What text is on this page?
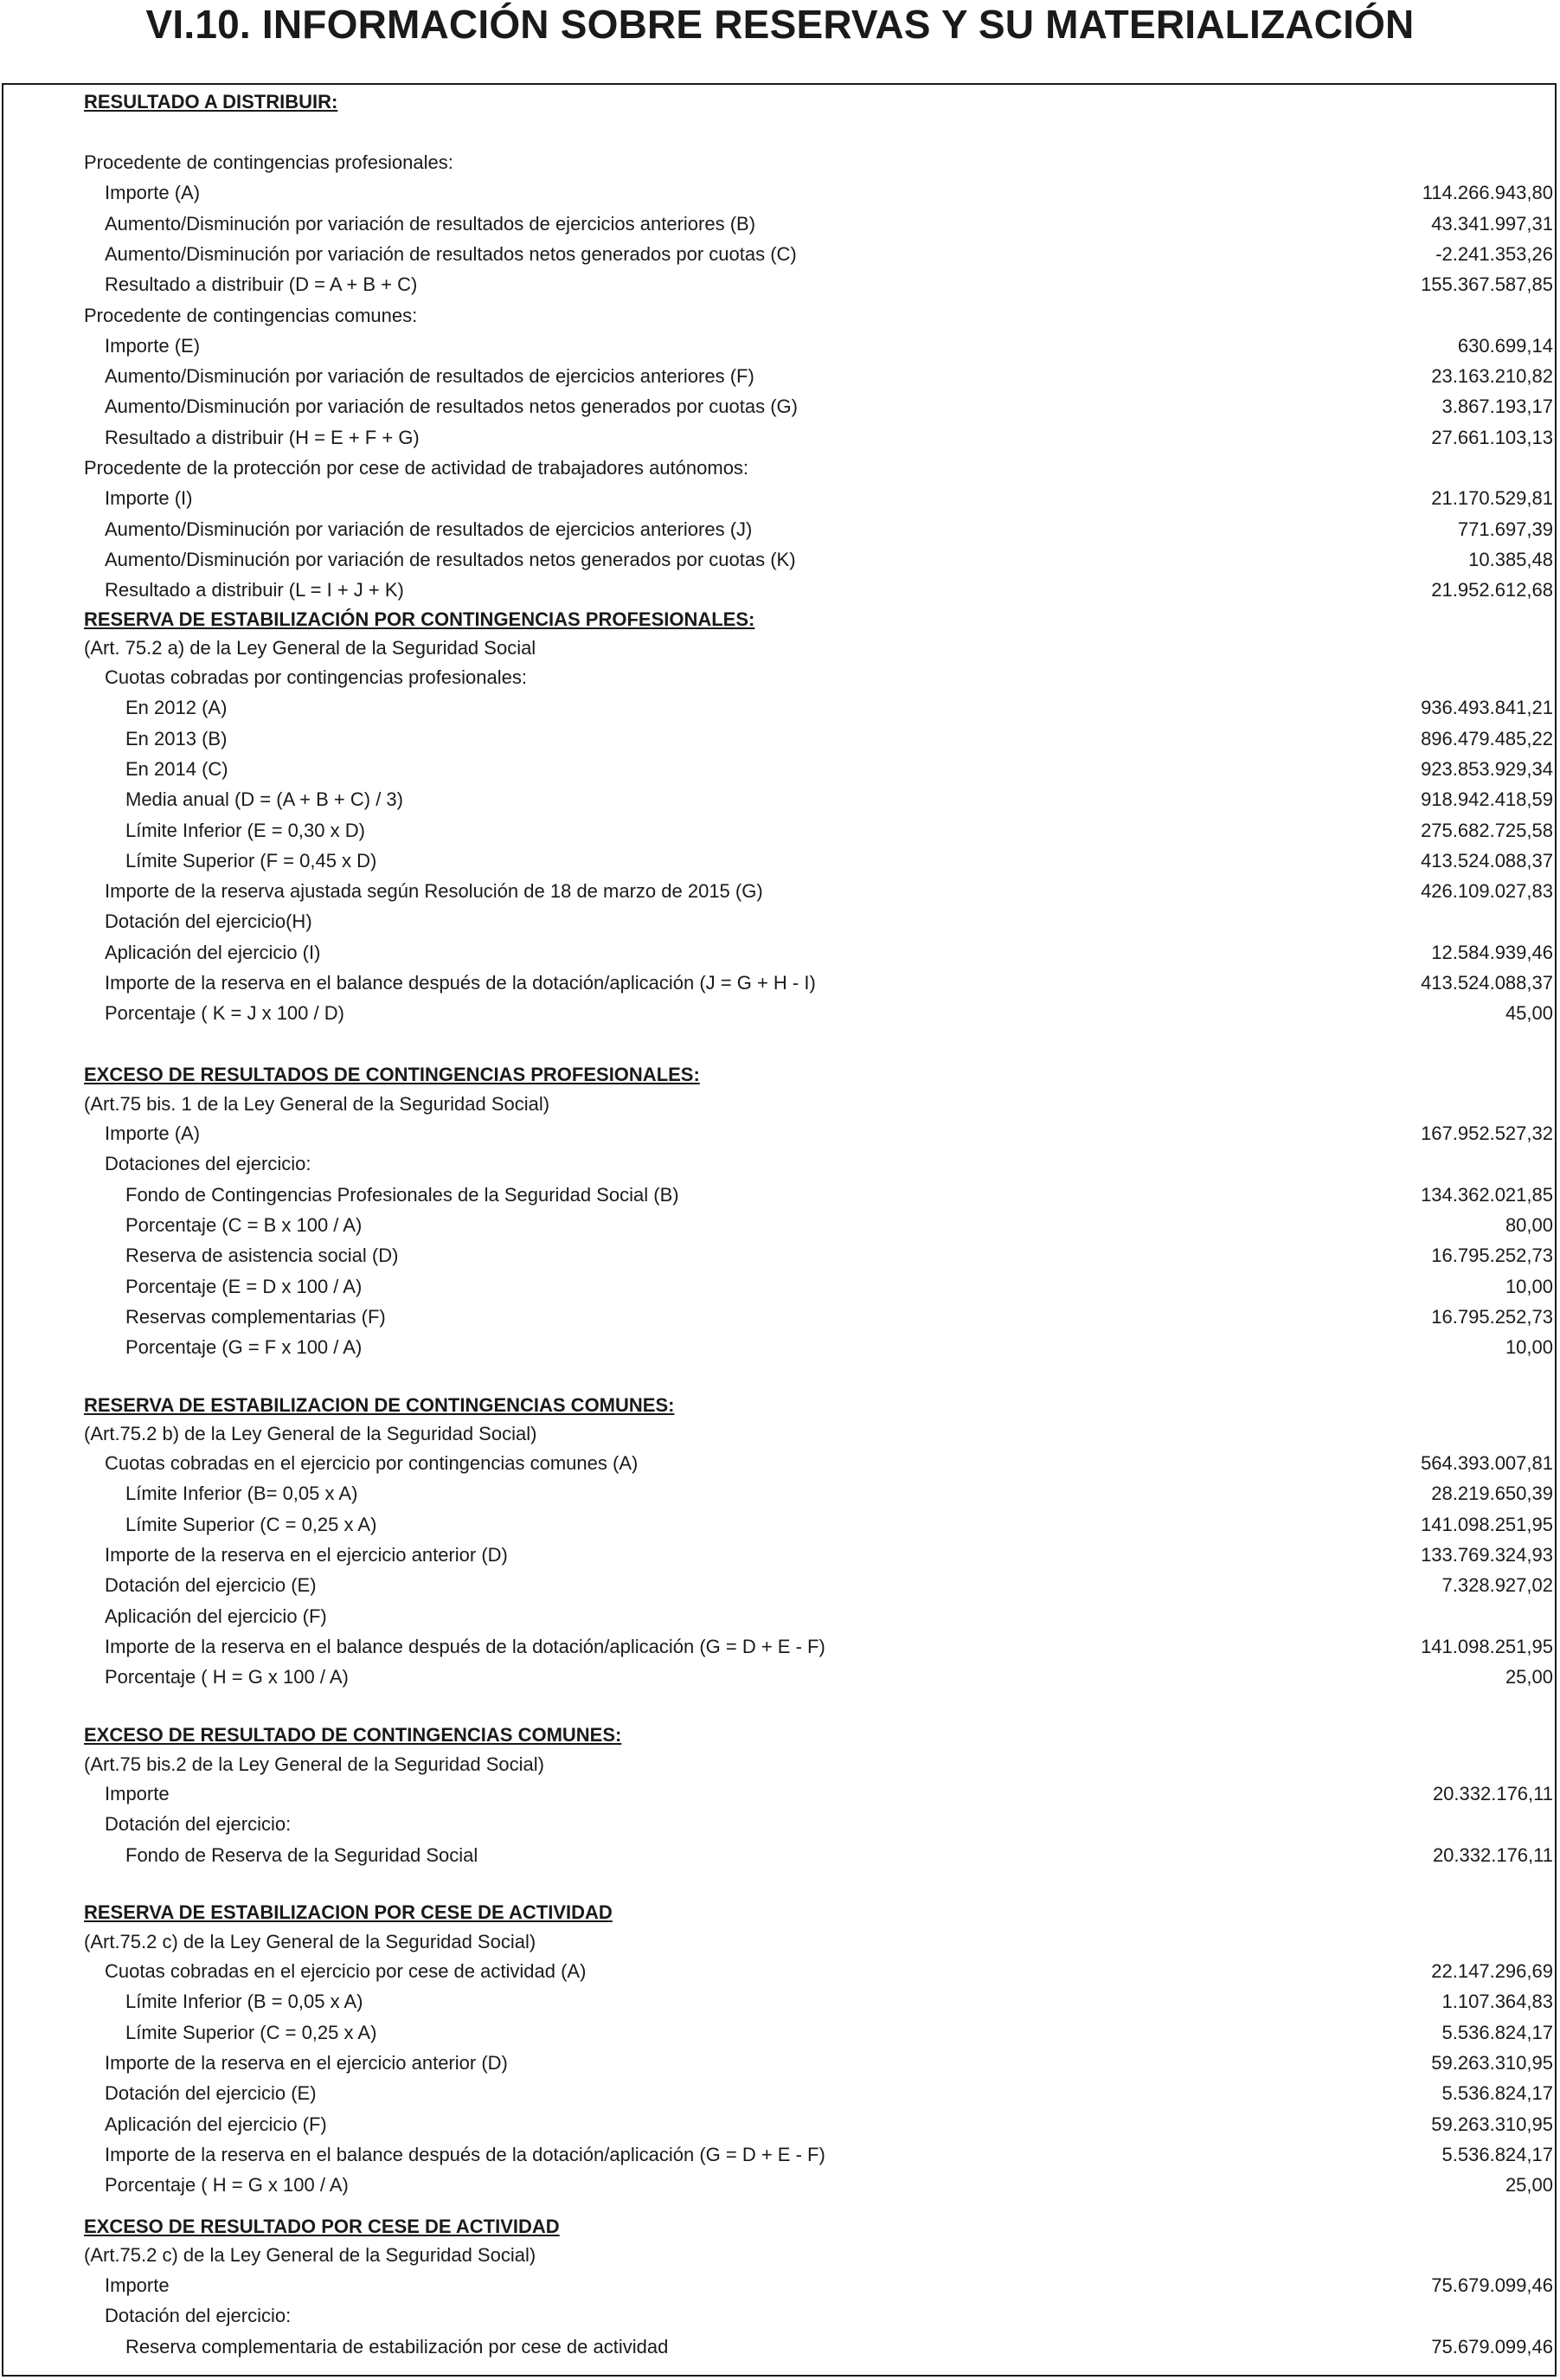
VI.10. INFORMACIÓN SOBRE RESERVAS Y SU MATERIALIZACIÓN
RESULTADO A DISTRIBUIR:
Procedente de contingencias profesionales:
Importe (A)	114.266.943,80
Aumento/Disminución por variación de resultados de ejercicios anteriores (B)	43.341.997,31
Aumento/Disminución por variación de resultados netos generados por cuotas (C)	-2.241.353,26
Resultado a distribuir (D = A + B + C)	155.367.587,85
Procedente de contingencias comunes:
Importe (E)	630.699,14
Aumento/Disminución por variación de resultados de ejercicios anteriores (F)	23.163.210,82
Aumento/Disminución por variación de resultados netos generados por cuotas (G)	3.867.193,17
Resultado a distribuir (H = E + F + G)	27.661.103,13
Procedente de la protección por cese de actividad de trabajadores autónomos:
Importe (I)	21.170.529,81
Aumento/Disminución por variación de resultados de ejercicios anteriores (J)	771.697,39
Aumento/Disminución por variación de resultados netos generados por cuotas (K)	10.385,48
Resultado a distribuir (L = I + J + K)	21.952.612,68
RESERVA DE ESTABILIZACIÓN POR CONTINGENCIAS PROFESIONALES:
(Art. 75.2 a) de la Ley General de la Seguridad Social
Cuotas cobradas por contingencias profesionales:
En 2012 (A)	936.493.841,21
En 2013 (B)	896.479.485,22
En 2014 (C)	923.853.929,34
Media anual (D = (A + B + C) / 3)	918.942.418,59
Límite Inferior (E = 0,30 x D)	275.682.725,58
Límite Superior (F = 0,45 x D)	413.524.088,37
Importe de la reserva ajustada según Resolución de 18 de marzo de 2015 (G)	426.109.027,83
Dotación del ejercicio(H)
Aplicación del ejercicio (I)	12.584.939,46
Importe de la reserva en el balance después de la dotación/aplicación (J = G + H - I)	413.524.088,37
Porcentaje ( K = J x 100 / D)	45,00
EXCESO DE RESULTADOS DE CONTINGENCIAS PROFESIONALES:
(Art.75 bis. 1 de la Ley General de la Seguridad Social)
Importe (A)	167.952.527,32
Dotaciones del ejercicio:
Fondo de Contingencias Profesionales de la Seguridad Social (B)	134.362.021,85
Porcentaje (C = B x 100 / A)	80,00
Reserva de asistencia social (D)	16.795.252,73
Porcentaje (E = D x 100 / A)	10,00
Reservas complementarias (F)	16.795.252,73
Porcentaje (G = F x 100 / A)	10,00
RESERVA DE ESTABILIZACION DE CONTINGENCIAS COMUNES:
(Art.75.2 b) de la Ley General de la Seguridad Social)
Cuotas cobradas en el ejercicio por contingencias comunes (A)	564.393.007,81
Límite Inferior (B= 0,05 x A)	28.219.650,39
Límite Superior (C = 0,25 x A)	141.098.251,95
Importe de la reserva en el ejercicio anterior (D)	133.769.324,93
Dotación del ejercicio (E)	7.328.927,02
Aplicación del ejercicio (F)
Importe de la reserva en el balance después de la dotación/aplicación (G = D + E - F)	141.098.251,95
Porcentaje ( H = G x 100 / A)	25,00
EXCESO DE RESULTADO DE CONTINGENCIAS COMUNES:
(Art.75 bis.2 de la Ley General de la Seguridad Social)
Importe	20.332.176,11
Dotación del ejercicio:
Fondo de Reserva de la Seguridad Social	20.332.176,11
RESERVA DE ESTABILIZACION POR CESE DE ACTIVIDAD
(Art.75.2 c) de la Ley General de la Seguridad Social)
Cuotas cobradas en el ejercicio por cese de actividad (A)	22.147.296,69
Límite Inferior (B = 0,05 x A)	1.107.364,83
Límite Superior (C = 0,25 x A)	5.536.824,17
Importe de la reserva en el ejercicio anterior (D)	59.263.310,95
Dotación del ejercicio (E)	5.536.824,17
Aplicación del ejercicio (F)	59.263.310,95
Importe de la reserva en el balance después de la dotación/aplicación (G = D + E - F)	5.536.824,17
Porcentaje ( H = G x 100 / A)	25,00
EXCESO DE RESULTADO POR CESE DE ACTIVIDAD
(Art.75.2 c) de la Ley General de la Seguridad Social)
Importe	75.679.099,46
Dotación del ejercicio:
Reserva complementaria de estabilización por cese de actividad	75.679.099,46
